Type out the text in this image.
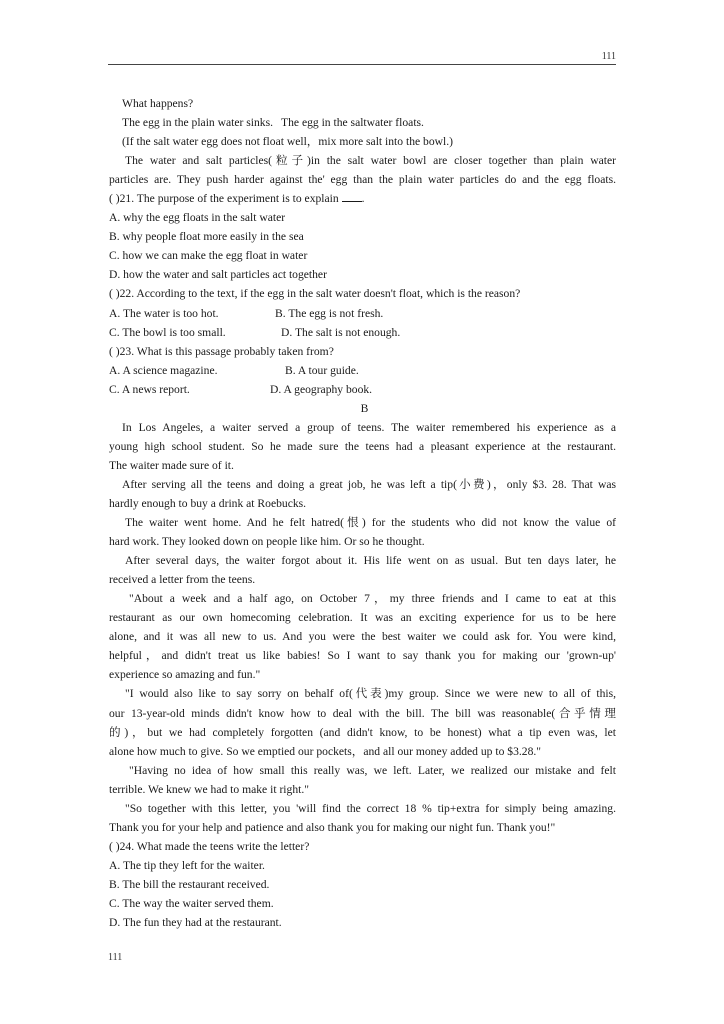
111

What happens?

The egg in the plain water sinks. The egg in the saltwater floats.

(If the salt water egg does not float well，mix more salt into the bowl.)

The water and salt particles(粒子)in the salt water bowl are closer together than plain water

particles are. They push harder against the' egg than the plain water particles do and the egg floats.

( )21. The purpose of the experiment is to explain .

A. why the egg floats in the salt water

B. why people float more easily in the sea

C. how we can make the egg float in water

D. how the water and salt particles act together

( )22. According to the text, if the egg in the salt water doesn't float, which is the reason?

A. The water is too hot.	B. The egg is not fresh.

C. The bowl is too small.	D. The salt is not enough.

( )23. What is this passage probably taken from?

A. A science magazine.	B. A tour guide.

C. A news report.	D. A geography book.

B

In Los Angeles, a waiter served a group of teens. The waiter remembered his experience as a

young high school student. So he made sure the teens had a pleasant experience at the restaurant.

The waiter made sure of it.

After serving all the teens and doing a great job, he was left a tip(小费)，only $3. 28. That was

hardly enough to buy a drink at Roebucks.

The waiter went home. And he felt hatred(恨) for the students who did not know the value of

hard work. They looked down on people like him. Or so he thought.

After several days, the waiter forgot about it. His life went on as usual. But ten days later, he

received a letter from the teens.

"About a week and a half ago, on October 7，my three friends and I came to eat at this

restaurant as our own homecoming celebration. It was an exciting experience for us to be here

alone, and it was all new to us. And you were the best waiter we could ask for. You were kind,

helpful，and didn't treat us like babies! So I want to say thank you for making our 'grown-up'

experience so amazing and fun."

"I would also like to say sorry on behalf of(代表)my group. Since we were new to all of this,

our 13-year-old minds didn't know how to deal with the bill. The bill was reasonable(合乎情理

的)，but we had completely forgotten (and didn't know, to be honest) what a tip even was, let

alone how much to give. So we emptied our pockets，and all our money added up to $3.28."

"Having no idea of how small this really was, we left. Later, we realized our mistake and felt

terrible. We knew we had to make it right."

"So together with this letter, you 'will find the correct 18 % tip+extra for simply being amazing.

Thank you for your help and patience and also thank you for making our night fun. Thank you!"

( )24. What made the teens write the letter?

A. The tip they left for the waiter.

B. The bill the restaurant received.

C. The way the waiter served them.

D. The fun they had at the restaurant.

111
